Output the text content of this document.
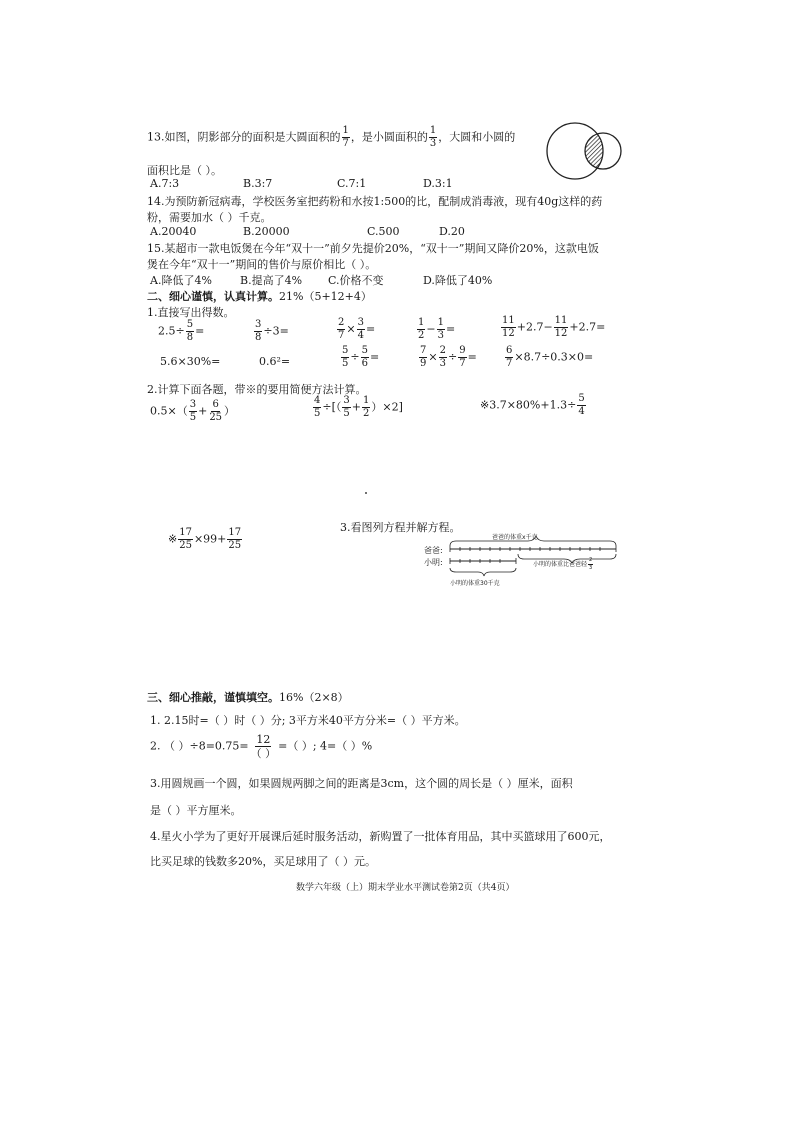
13.如图，阴影部分的面积是大圆面积的 $\frac{1}{7}$ ，是小圆面积的 $\frac{1}{3}$ ，大圆和小圆的
面积比是（ ）。
A.7:3	B.3:7	C.7:1	D.3:1
14.为预防新冠病毒，学校医务室把药粉和水按1:500的比，配制成消毒液，现有40g这样的药
粉，需要加水（ ）千克。
A.20040	B.20000	C.500	D.20
15.某超市一款电饭煲在今年“双十一”前夕先提价20%，“双十一”期间又降价20%，这款电饭
煲在今年“双十一”期间的售价与原价相比（ ）。
A.降低了4%	B.提高了4% C.价格不变	D.降低了40%
二、细心谨慎，认真计算。21%（5+12+4）
1.直接写出得数。
$2.5\div \frac{5}{8}$ =	$\frac{3}{8} \div 3=$	$\frac{2}{7} \times \frac{3}{4}$ =	$\frac{1}{2} - \frac{1}{3}$ =	$\frac{11}{12} +2.7- \frac{11}{12} +2.7=$
5.6×30%=	0.6²=	$\frac{5}{5} \div \frac{5}{6}$ =	$\frac{7}{9} \times \frac{2}{3} \div \frac{9}{7}$ =	$\frac{6}{7} \times 8.7\div 0.3\times 0=$
2.计算下面各题，带※的要用简便方法计算。
$0.5\times( \frac{3}{5} + \frac{6}{25}$ ）	$\frac{4}{5}$ ÷[（ $\frac{3}{5} + \frac{1}{2} )\times 2$]	※3.7×80%+1.3÷ $\frac{5}{4}$
※ $\frac{17}{25} \times 99+ \frac{17}{25}$
3.看图列方程并解方程。
爸爸的体重x千克
爸爸:
小明:
小明的体重30千克
小明的体重比爸爸轻 $\frac{2}{3}$
三、细心推敲，谨慎填空。16%（2×8）
1. 2.15时=（ ）时（ ）分; 3平方米40平方分米=（ ）平方米。
2. （ ）$\div 8=0.75= \frac{12}{( )}$ =（ ）; 4=（ ）%
3.用圆规画一个圆，如果圆规两脚之间的距离是3cm，这个圆的周长是（ ）厘米，面积
是（ ）平方厘米。
4.星火小学为了更好开展课后延时服务活动，新购置了一批体育用品，其中买篮球用了600元，
比买足球的钱数多20%，买足球用了（ ）元。
数学六年级（上）期末学业水平测试卷第2页（共4页）
